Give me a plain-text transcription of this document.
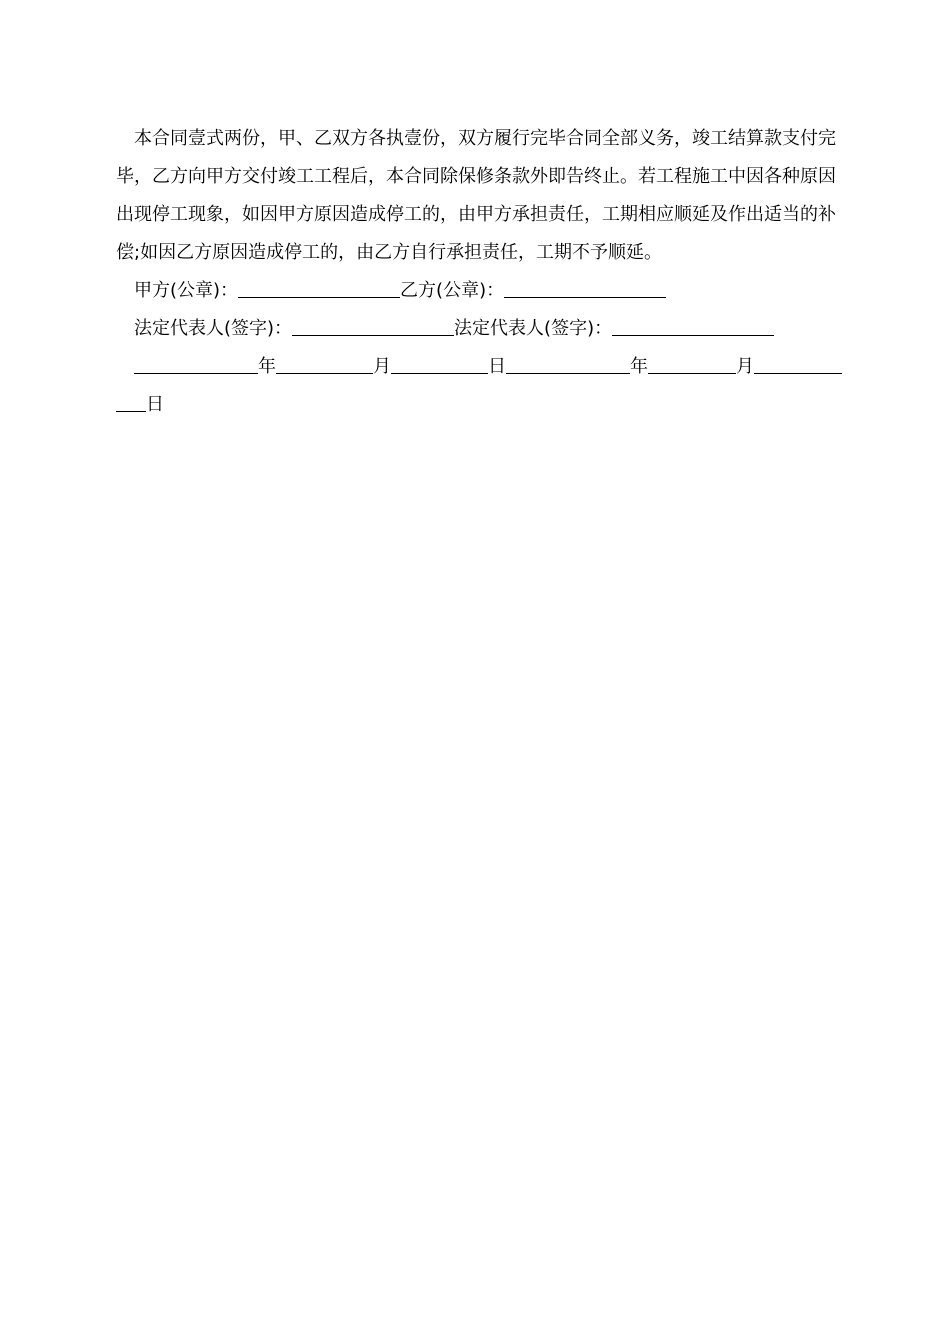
本合同壹式两份，甲、乙双方各执壹份，双方履行完毕合同全部义务，竣工结算款支付完毕，乙方向甲方交付竣工工程后，本合同除保修条款外即告终止。若工程施工中因各种原因出现停工现象，如因甲方原因造成停工的，由甲方承担责任，工期相应顺延及作出适当的补偿;如因乙方原因造成停工的，由乙方自行承担责任，工期不予顺延。

甲方(公章)：	乙方(公章)：

法定代表人(签字)：	法定代表人(签字)：

年	月	日	年	月

日
